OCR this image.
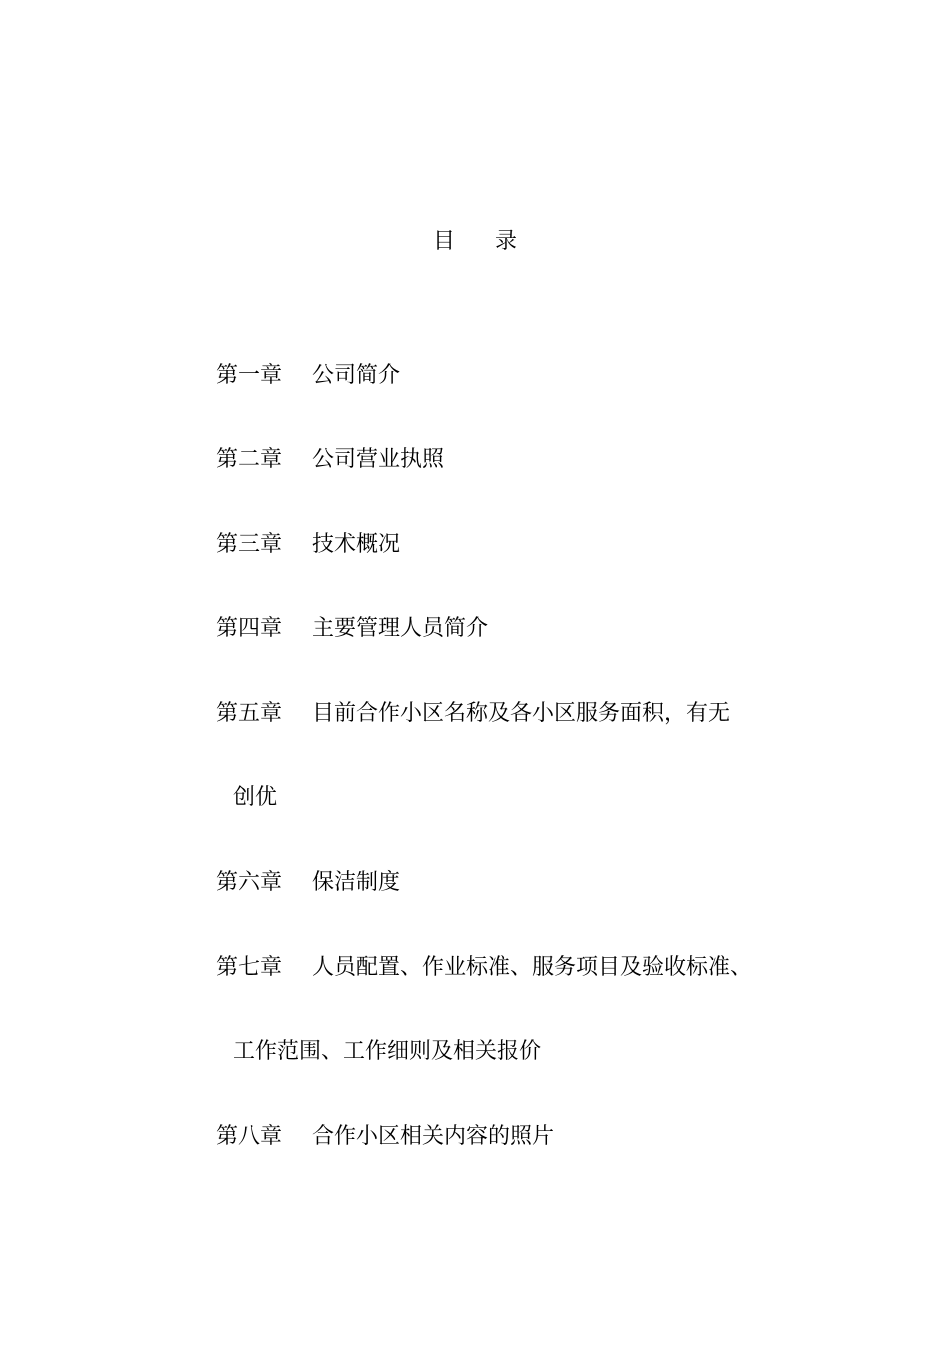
目 录
第一章 公司简介
第二章 公司营业执照
第三章 技术概况
第四章 主要管理人员简介
第五章 目前合作小区名称及各小区服务面积，有无
创优
第六章 保洁制度
第七章 人员配置、作业标准、服务项目及验收标准、
工作范围、工作细则及相关报价
第八章 合作小区相关内容的照片
